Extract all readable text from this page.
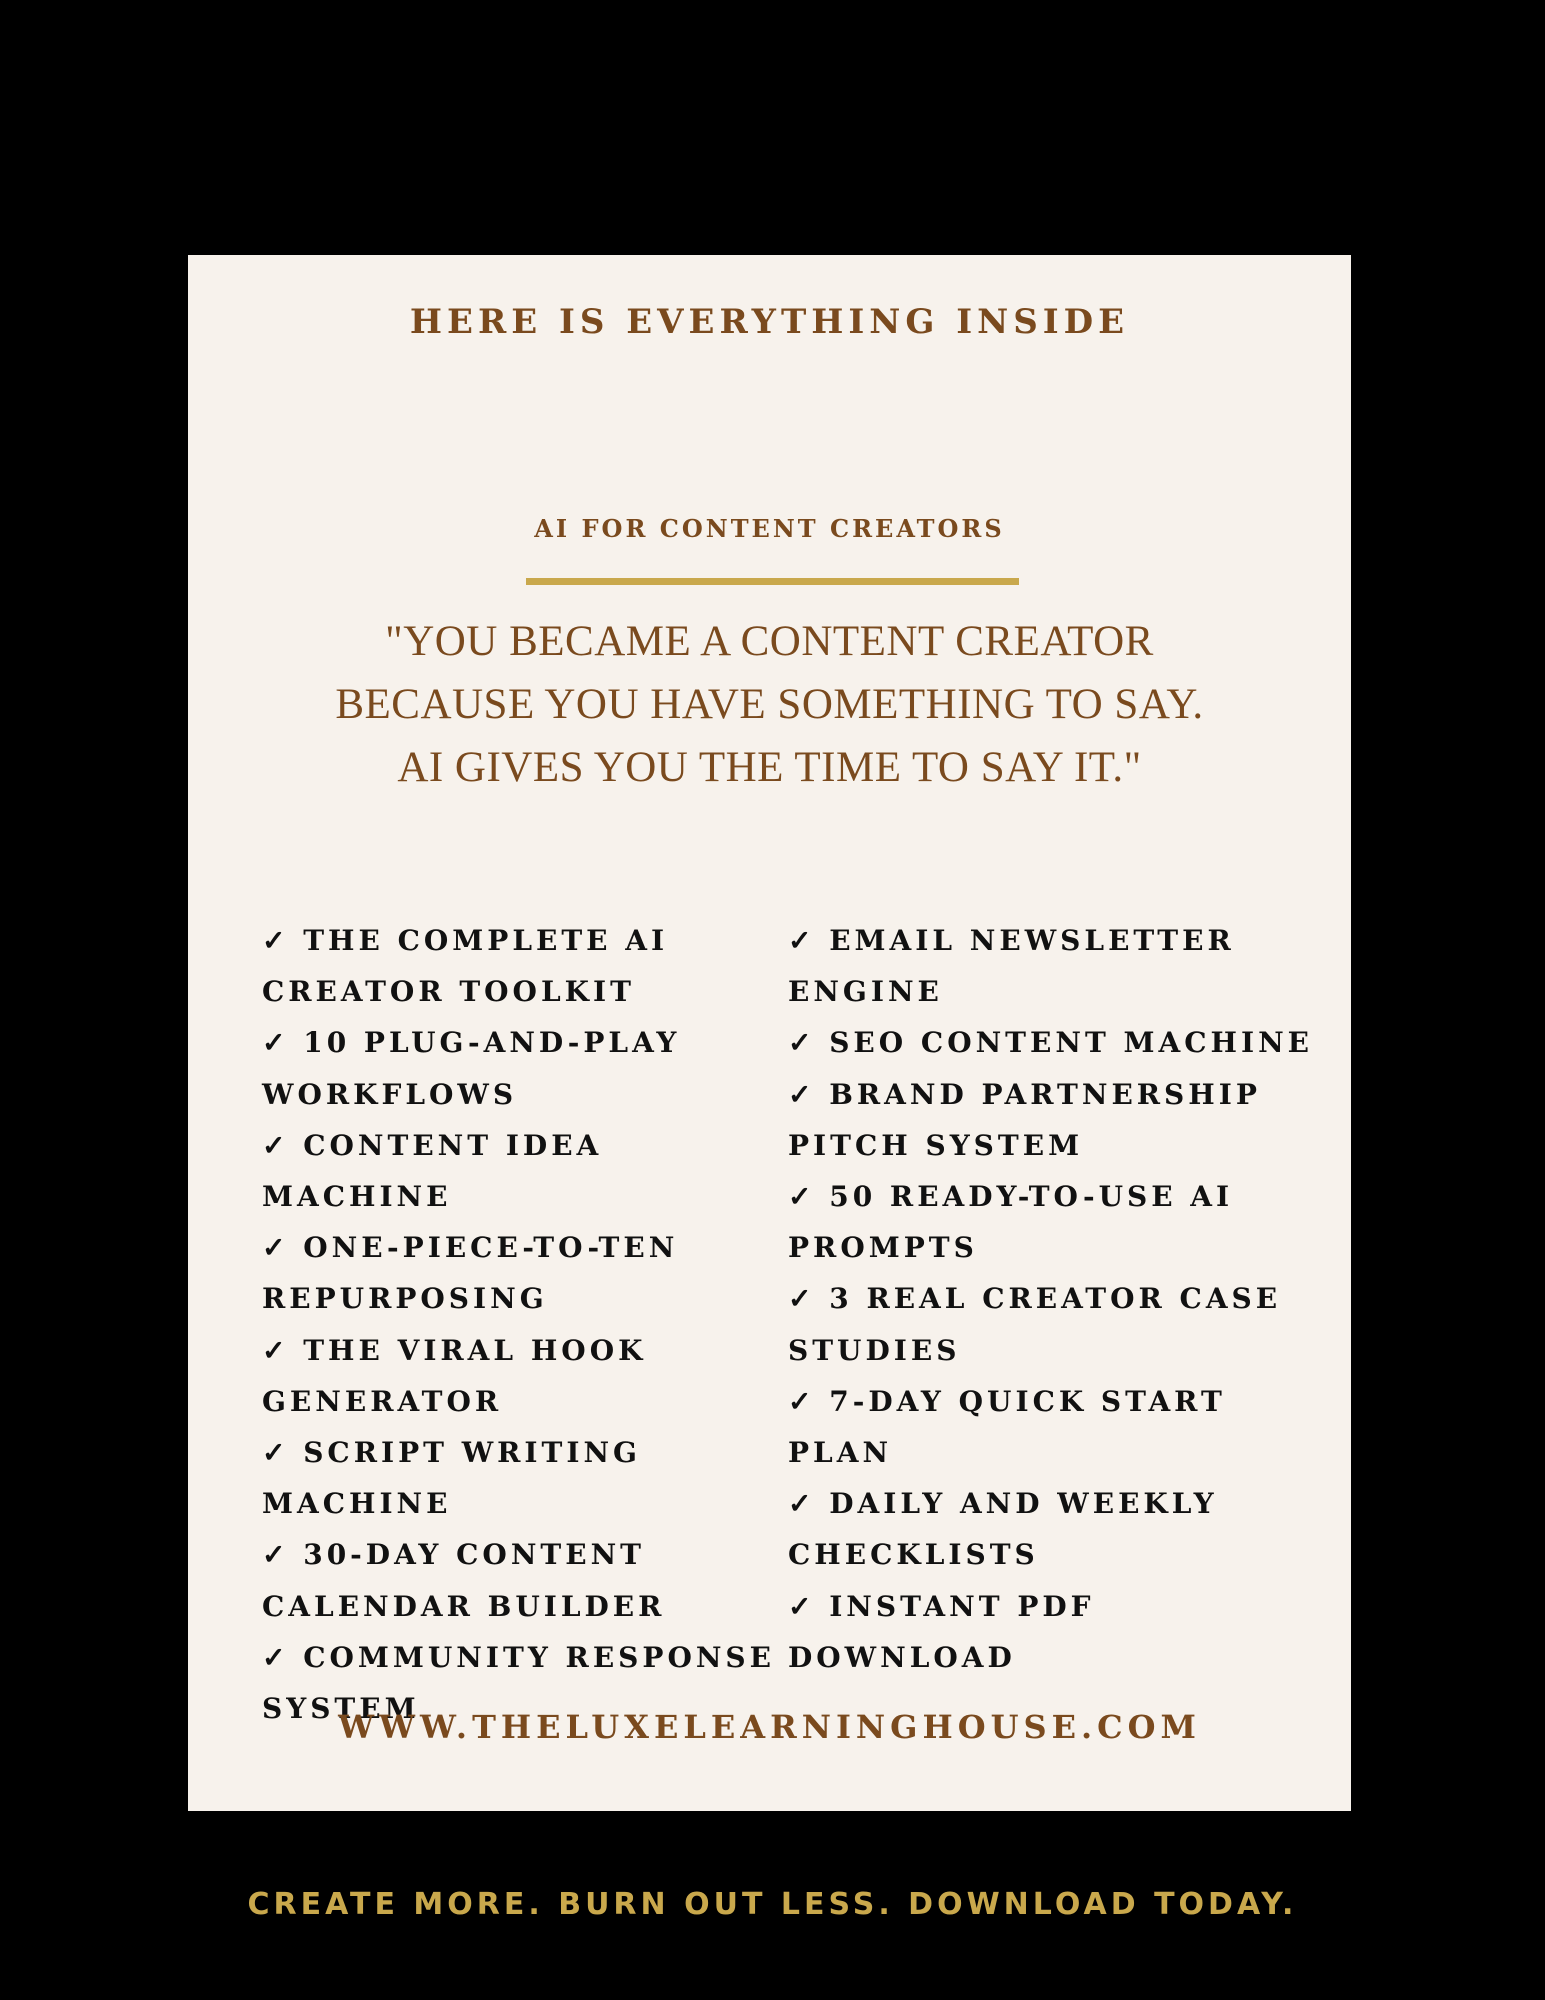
HERE IS EVERYTHING INSIDE
AI FOR CONTENT CREATORS
"YOU BECAME A CONTENT CREATOR
BECAUSE YOU HAVE SOMETHING TO SAY.
AI GIVES YOU THE TIME TO SAY IT."
✓ THE COMPLETE AI
CREATOR TOOLKIT
✓ 10 PLUG-AND-PLAY
WORKFLOWS
✓ CONTENT IDEA MACHINE
✓ ONE-PIECE-TO-TEN
REPURPOSING
✓ THE VIRAL HOOK
GENERATOR
✓ SCRIPT WRITING
MACHINE
✓ 30-DAY CONTENT
CALENDAR BUILDER
✓ COMMUNITY RESPONSE
SYSTEM
✓ EMAIL NEWSLETTER
ENGINE
✓ SEO CONTENT MACHINE
✓ BRAND PARTNERSHIP
PITCH SYSTEM
✓ 50 READY-TO-USE AI
PROMPTS
✓ 3 REAL CREATOR CASE
STUDIES
✓ 7-DAY QUICK START PLAN
✓ DAILY AND WEEKLY
CHECKLISTS
✓ INSTANT PDF DOWNLOAD
WWW.THELUXELEARNINGHOUSE.COM
CREATE MORE. BURN OUT LESS. DOWNLOAD TODAY.
